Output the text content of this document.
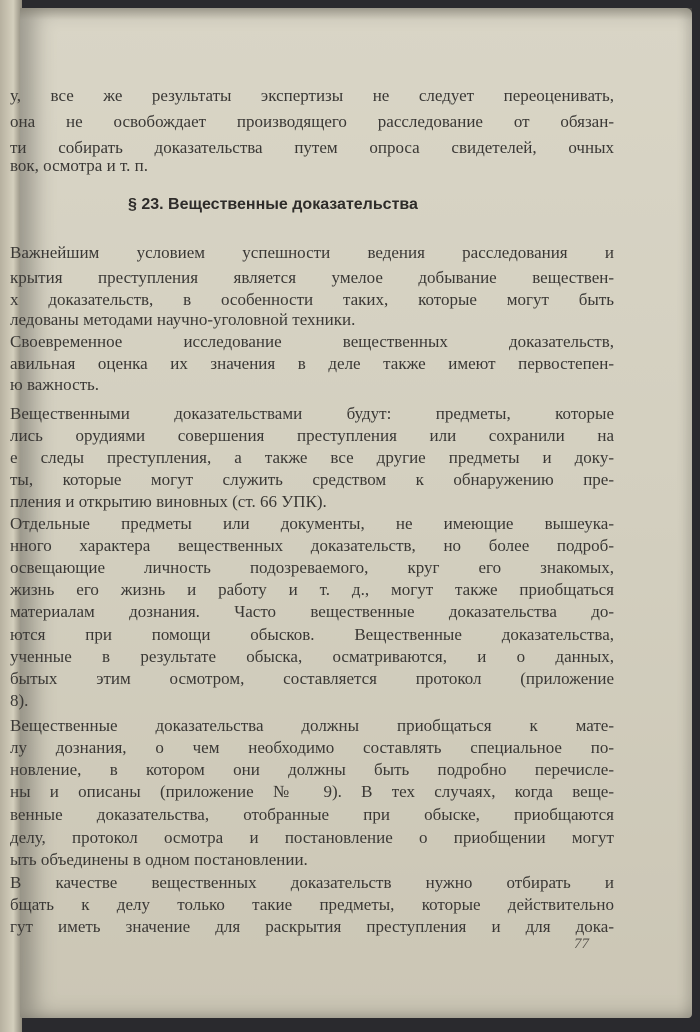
у, все же результаты экспертизы не следует переоценивать,
она не освобождает производящего расследование от обязан-
ти собирать доказательства путем опроса свидетелей, очных
вок, осмотра и т. п.
§ 23. Вещественные доказательства
Важнейшим условием успешности ведения расследования и
крытия преступления является умелое добывание веществен-
х доказательств, в особенности таких, которые могут быть
ледованы методами научно-уголовной техники.
Своевременное исследование вещественных доказательств,
авильная оценка их значения в деле также имеют первостепен-
ю важность.
Вещественными доказательствами будут: предметы, которые
лись орудиями совершения преступления или сохранили на
е следы преступления, а также все другие предметы и доку-
ты, которые могут служить средством к обнаружению пре-
пления и открытию виновных (ст. 66 УПК).
Отдельные предметы или документы, не имеющие вышеука-
нного характера вещественных доказательств, но более подроб-
освещающие личность подозреваемого, круг его знакомых,
жизнь его жизнь и работу и т. д., могут также приобщаться
материалам дознания. Часто вещественные доказательства до-
ются при помощи обысков. Вещественные доказательства,
ученные в результате обыска, осматриваются, и о данных,
бытых этим осмотром, составляется протокол (приложение
8).
Вещественные доказательства должны приобщаться к мате-
лу дознания, о чем необходимо составлять специальное по-
новление, в котором они должны быть подробно перечисле-
ны и описаны (приложение № 9). В тех случаях, когда веще-
венные доказательства, отобранные при обыске, приобщаются
делу, протокол осмотра и постановление о приобщении могут
ыть объединены в одном постановлении.
В качестве вещественных доказательств нужно отбирать и
бщать к делу только такие предметы, которые действительно
гут иметь значение для раскрытия преступления и для дока-
77
